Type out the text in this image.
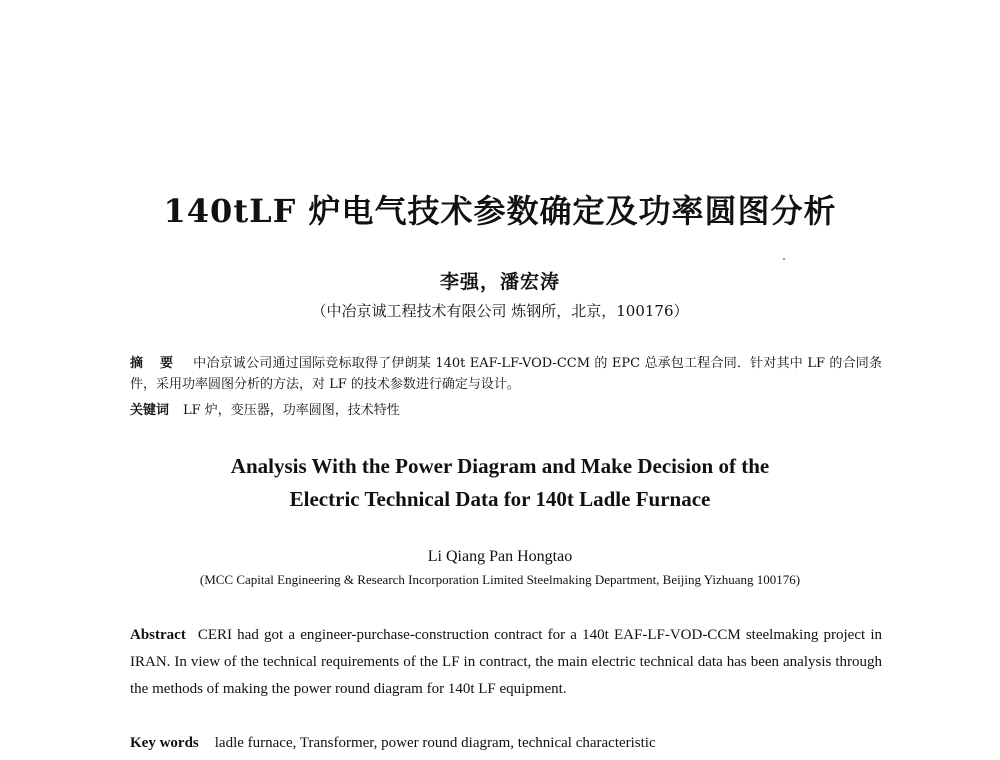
140tLF 炉电气技术参数确定及功率圆图分析
李强，潘宏涛
（中冶京诚工程技术有限公司 炼钢所，北京，100176）
摘 要 中冶京诚公司通过国际竞标取得了伊朗某 140t EAF-LF-VOD-CCM 的 EPC 总承包工程合同．针对其中 LF 的合同条件，采用功率圆图分析的方法，对 LF 的技术参数进行确定与设计。
关键词 LF 炉，变压器，功率圆图，技术特性
Analysis With the Power Diagram and Make Decision of the
Electric Technical Data for 140t Ladle Furnace
Li Qiang Pan Hongtao
(MCC Capital Engineering & Research Incorporation Limited Steelmaking Department, Beijing Yizhuang 100176)
Abstract CERI had got a engineer-purchase-construction contract for a 140t EAF-LF-VOD-CCM steelmaking project in IRAN. In view of the technical requirements of the LF in contract, the main electric technical data has been analysis through the methods of making the power round diagram for 140t LF equipment.
Key words ladle furnace, Transformer, power round diagram, technical characteristic
